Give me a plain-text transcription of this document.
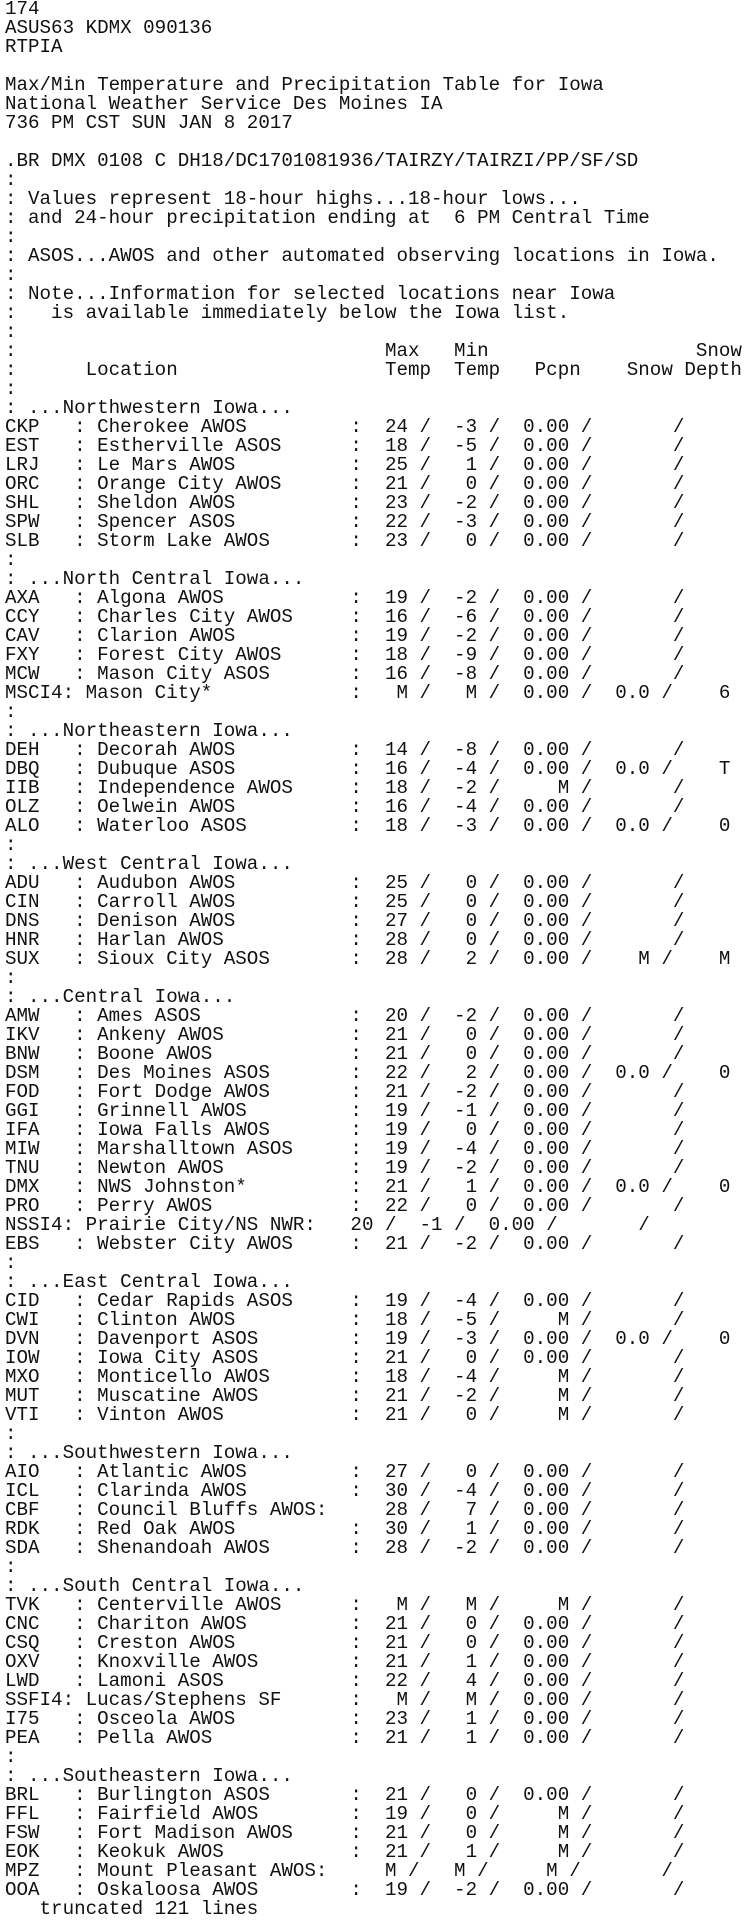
174
ASUS63 KDMX 090136
RTPIA

Max/Min Temperature and Precipitation Table for Iowa
National Weather Service Des Moines IA
736 PM CST SUN JAN 8 2017

.BR DMX 0108 C DH18/DC1701081936/TAIRZY/TAIRZI/PP/SF/SD
:
: Values represent 18-hour highs...18-hour lows...
: and 24-hour precipitation ending at  6 PM Central Time
:
: ASOS...AWOS and other automated observing locations in Iowa.
:
: Note...Information for selected locations near Iowa
:   is available immediately below the Iowa list.
:
:                                Max   Min                  Snow
:      Location                  Temp  Temp   Pcpn    Snow Depth
:
: ...Northwestern Iowa...
CKP   : Cherokee AWOS         :  24 /  -3 /  0.00 /       /
EST   : Estherville ASOS      :  18 /  -5 /  0.00 /       /
LRJ   : Le Mars AWOS          :  25 /   1 /  0.00 /       /
ORC   : Orange City AWOS      :  21 /   0 /  0.00 /       /
SHL   : Sheldon AWOS          :  23 /  -2 /  0.00 /       /
SPW   : Spencer ASOS          :  22 /  -3 /  0.00 /       /
SLB   : Storm Lake AWOS       :  23 /   0 /  0.00 /       /
:
: ...North Central Iowa...
AXA   : Algona AWOS           :  19 /  -2 /  0.00 /       /
CCY   : Charles City AWOS     :  16 /  -6 /  0.00 /       /
CAV   : Clarion AWOS          :  19 /  -2 /  0.00 /       /
FXY   : Forest City AWOS      :  18 /  -9 /  0.00 /       /
MCW   : Mason City ASOS       :  16 /  -8 /  0.00 /       /
MSCI4: Mason City*            :   M /   M /  0.00 /  0.0 /    6
:
: ...Northeastern Iowa...
DEH   : Decorah AWOS          :  14 /  -8 /  0.00 /       /
DBQ   : Dubuque ASOS          :  16 /  -4 /  0.00 /  0.0 /    T
IIB   : Independence AWOS     :  18 /  -2 /     M /       /
OLZ   : Oelwein AWOS          :  16 /  -4 /  0.00 /       /
ALO   : Waterloo ASOS         :  18 /  -3 /  0.00 /  0.0 /    0
:
: ...West Central Iowa...
ADU   : Audubon AWOS          :  25 /   0 /  0.00 /       /
CIN   : Carroll AWOS          :  25 /   0 /  0.00 /       /
DNS   : Denison AWOS          :  27 /   0 /  0.00 /       /
HNR   : Harlan AWOS           :  28 /   0 /  0.00 /       /
SUX   : Sioux City ASOS       :  28 /   2 /  0.00 /    M /    M
:
: ...Central Iowa...
AMW   : Ames ASOS             :  20 /  -2 /  0.00 /       /
IKV   : Ankeny AWOS           :  21 /   0 /  0.00 /       /
BNW   : Boone AWOS            :  21 /   0 /  0.00 /       /
DSM   : Des Moines ASOS       :  22 /   2 /  0.00 /  0.0 /    0
FOD   : Fort Dodge AWOS       :  21 /  -2 /  0.00 /       /
GGI   : Grinnell AWOS         :  19 /  -1 /  0.00 /       /
IFA   : Iowa Falls AWOS       :  19 /   0 /  0.00 /       /
MIW   : Marshalltown ASOS     :  19 /  -4 /  0.00 /       /
TNU   : Newton AWOS           :  19 /  -2 /  0.00 /       /
DMX   : NWS Johnston*         :  21 /   1 /  0.00 /  0.0 /    0
PRO   : Perry AWOS            :  22 /   0 /  0.00 /       /
NSSI4: Prairie City/NS NWR:   20 /  -1 /  0.00 /       /
EBS   : Webster City AWOS     :  21 /  -2 /  0.00 /       /
:
: ...East Central Iowa...
CID   : Cedar Rapids ASOS     :  19 /  -4 /  0.00 /       /
CWI   : Clinton AWOS          :  18 /  -5 /     M /       /
DVN   : Davenport ASOS        :  19 /  -3 /  0.00 /  0.0 /    0
IOW   : Iowa City ASOS        :  21 /   0 /  0.00 /       /
MXO   : Monticello AWOS       :  18 /  -4 /     M /       /
MUT   : Muscatine AWOS        :  21 /  -2 /     M /       /
VTI   : Vinton AWOS           :  21 /   0 /     M /       /
:
: ...Southwestern Iowa...
AIO   : Atlantic AWOS         :  27 /   0 /  0.00 /       /
ICL   : Clarinda AWOS         :  30 /  -4 /  0.00 /       /
CBF   : Council Bluffs AWOS:     28 /   7 /  0.00 /       /
RDK   : Red Oak AWOS          :  30 /   1 /  0.00 /       /
SDA   : Shenandoah AWOS       :  28 /  -2 /  0.00 /       /
:
: ...South Central Iowa...
TVK   : Centerville AWOS      :   M /   M /     M /       /
CNC   : Chariton AWOS         :  21 /   0 /  0.00 /       /
CSQ   : Creston AWOS          :  21 /   0 /  0.00 /       /
OXV   : Knoxville AWOS        :  21 /   1 /  0.00 /       /
LWD   : Lamoni ASOS           :  22 /   4 /  0.00 /       /
SSFI4: Lucas/Stephens SF      :   M /   M /  0.00 /       /
I75   : Osceola AWOS          :  23 /   1 /  0.00 /       /
PEA   : Pella AWOS            :  21 /   1 /  0.00 /       /
:
: ...Southeastern Iowa...
BRL   : Burlington ASOS       :  21 /   0 /  0.00 /       /
FFL   : Fairfield AWOS        :  19 /   0 /     M /       /
FSW   : Fort Madison AWOS     :  21 /   0 /     M /       /
EOK   : Keokuk AWOS           :  21 /   1 /     M /       /
MPZ   : Mount Pleasant AWOS:     M /   M /     M /       /
OOA   : Oskaloosa AWOS        :  19 /  -2 /  0.00 /       /
truncated 121 lines
